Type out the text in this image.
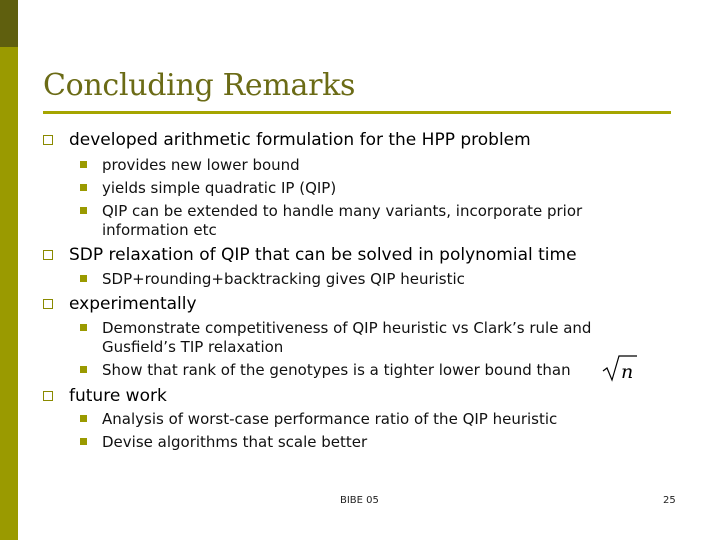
Concluding Remarks
developed arithmetic formulation for the HPP problem
provides new lower bound
yields simple quadratic IP (QIP)
QIP can be extended to handle many variants, incorporate prior information etc
SDP relaxation of QIP that can be solved in polynomial time
SDP+rounding+backtracking gives QIP heuristic
experimentally
Demonstrate competitiveness of QIP heuristic vs Clark’s rule and Gusfield’s TIP relaxation
Show that rank of the genotypes is a tighter lower bound than	n
future work
Analysis of worst-case performance ratio of the QIP heuristic
Devise algorithms that scale better
BIBE 05	25
